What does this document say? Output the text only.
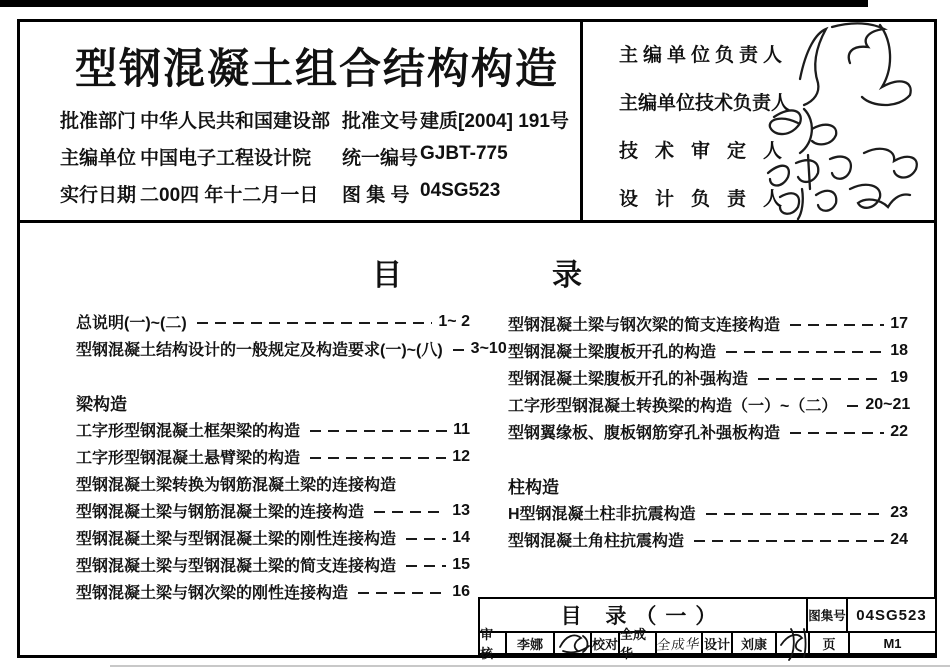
型钢混凝土组合结构构造
批准部门 中华人民共和国建设部 批准文号 建质[2004] 191号
主编单位 中国电子工程设计院 统一编号 GJBT-775
实行日期 二00四 年十二月一日 图 集 号 04SG523
主编单位负责人
主编单位技术负责人
技术审定人
设计负责人
目	录
总说明(一)~(二)	1~ 2
型钢混凝土结构设计的一般规定及构造要求(一)~(八) 3~10
梁构造
工字形型钢混凝土框架梁的构造	11
工字形型钢混凝土悬臂梁的构造	12
型钢混凝土梁转换为钢筋混凝土梁的连接构造
型钢混凝土梁与钢筋混凝土梁的连接构造	13
型钢混凝土梁与型钢混凝土梁的刚性连接构造	14
型钢混凝土梁与型钢混凝土梁的简支连接构造	15
型钢混凝土梁与钢次梁的刚性连接构造	16
型钢混凝土梁与钢次梁的简支连接构造	17
型钢混凝土梁腹板开孔的构造	18
型钢混凝土梁腹板开孔的补强构造	19
工字形型钢混凝土转换梁的构造（一）~（二） 20~21
型钢翼缘板、腹板钢筋穿孔补强板构造	22
柱构造
H型钢混凝土柱非抗震构造	23
型钢混凝土角柱抗震构造	24
目 录（一）	图集号 04SG523
审核
李娜	校对
全成华
全成华 设计 刘康	页	M1
